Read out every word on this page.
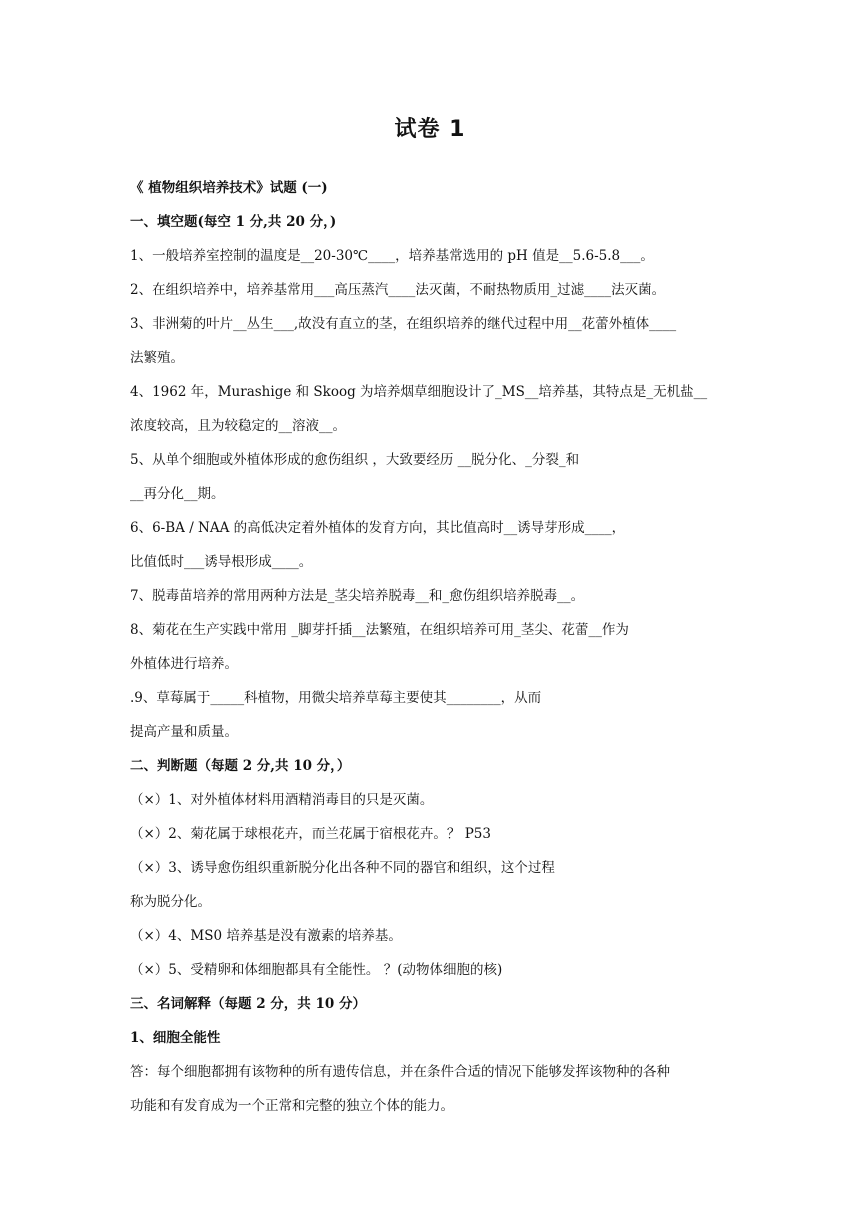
试卷 1
《 植物组织培养技术》试题 (一)
一、填空题(每空 1 分,共 20 分，)
1、一般培养室控制的温度是__20-30℃____，培养基常选用的 pH 值是__5.6-5.8___。
2、在组织培养中，培养基常用___高压蒸汽____法灭菌，不耐热物质用_过滤____法灭菌。
3、非洲菊的叶片__丛生___,故没有直立的茎，在组织培养的继代过程中用__花蕾外植体____
法繁殖。
4、1962 年，Murashige 和 Skoog 为培养烟草细胞设计了_MS__培养基，其特点是_无机盐__
浓度较高，且为较稳定的__溶液__。
5、从单个细胞或外植体形成的愈伤组织 ，大致要经历 __脱分化、_分裂_和
__再分化__期。
6、6-BA / NAA 的高低决定着外植体的发育方向，其比值高时__诱导芽形成____，
比值低时___诱导根形成____。
7、脱毒苗培养的常用两种方法是_茎尖培养脱毒__和_愈伤组织培养脱毒__。
8、菊花在生产实践中常用 _脚芽扦插__法繁殖，在组织培养可用_茎尖、花蕾__作为
外植体进行培养。
.9、草莓属于_____科植物，用微尖培养草莓主要使其________，从而
提高产量和质量。
二、判断题（每题 2 分,共 10 分，）
（×）1、对外植体材料用酒精消毒目的只是灭菌。
（×）2、菊花属于球根花卉，而兰花属于宿根花卉。？ P53
（×）3、诱导愈伤组织重新脱分化出各种不同的器官和组织，这个过程
称为脱分化。
（×）4、MS0 培养基是没有激素的培养基。
（×）5、受精卵和体细胞都具有全能性。 ？(动物体细胞的核)
三、名词解释（每题 2 分，共 10 分）
1、细胞全能性
答：每个细胞都拥有该物种的所有遗传信息，并在条件合适的情况下能够发挥该物种的各种
功能和有发育成为一个正常和完整的独立个体的能力。
